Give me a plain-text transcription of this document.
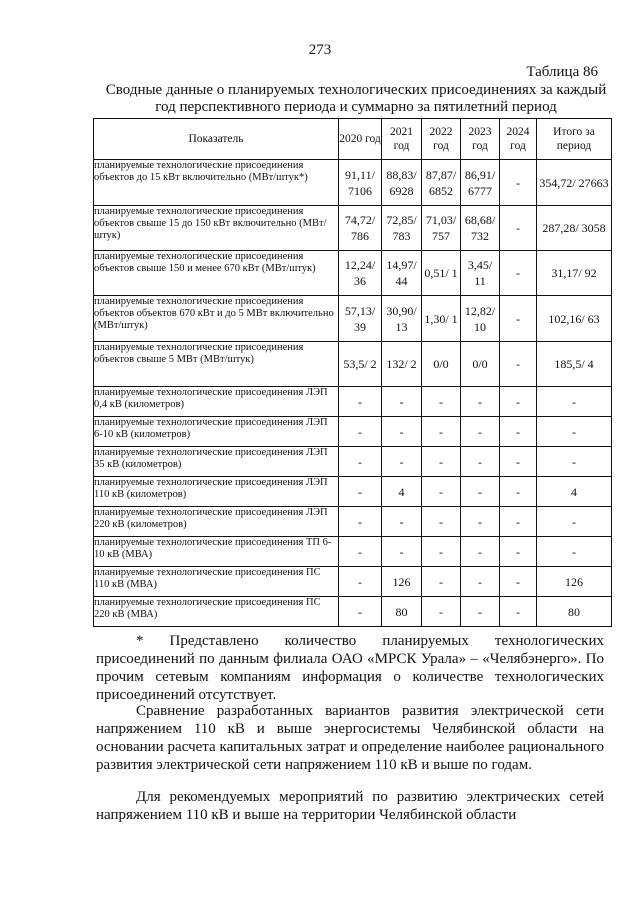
273
Таблица 86
Сводные данные о планируемых технологических присоединениях за каждый год перспективного периода и суммарно за пятилетний период
Показатель	2020 год	2021 год	2022 год	2023 год	2024 год	Итого за период
планируемые технологические присоединения объектов до 15 кВт включительно (МВт/штук*)	91,11/ 7106	88,83/ 6928	87,87/ 6852	86,91/ 6777	-	354,72/ 27663
планируемые технологические присоединения объектов свыше 15 до 150 кВт включительно (МВт/штук)	74,72/ 786	72,85/ 783	71,03/ 757	68,68/ 732	-	287,28/ 3058
планируемые технологические присоединения объектов свыше 150 и менее 670 кВт (МВт/штук)	12,24/ 36	14,97/ 44	0,51/ 1	3,45/ 11	-	31,17/ 92
планируемые технологические присоединения объектов объектов 670 кВт и до 5 МВт включительно (МВт/штук)	57,13/ 39	30,90/ 13	1,30/ 1	12,82/ 10	-	102,16/ 63
планируемые технологические присоединения объектов свыше 5 МВт (МВт/штук)	53,5/ 2	132/ 2	0/0	0/0	-	185,5/ 4
планируемые технологические присоединения ЛЭП 0,4 кВ (километров)	-	-	-	-	-	-
планируемые технологические присоединения ЛЭП 6-10 кВ (километров)	-	-	-	-	-	-
планируемые технологические присоединения ЛЭП 35 кВ (километров)	-	-	-	-	-	-
планируемые технологические присоединения ЛЭП 110 кВ (километров)	-	4	-	-	-	4
планируемые технологические присоединения ЛЭП 220 кВ (километров)	-	-	-	-	-	-
планируемые технологические присоединения ТП 6-10 кВ (МВА)	-	-	-	-	-	-
планируемые технологические присоединения ПС 110 кВ (МВА)	-	126	-	-	-	126
планируемые технологические присоединения ПС 220 кВ (МВА)	-	80	-	-	-	80
* Представлено количество планируемых технологических присоединений по данным филиала ОАО «МРСК Урала» – «Челябэнерго». По прочим сетевым компаниям информация о количестве технологических присоединений отсутствует.
Сравнение разработанных вариантов развития электрической сети напряжением 110 кВ и выше энергосистемы Челябинской области на основании расчета капитальных затрат и определение наиболее рационального развития электрической сети напряжением 110 кВ и выше по годам.
Для рекомендуемых мероприятий по развитию электрических сетей напряжением 110 кВ и выше на территории Челябинской области
